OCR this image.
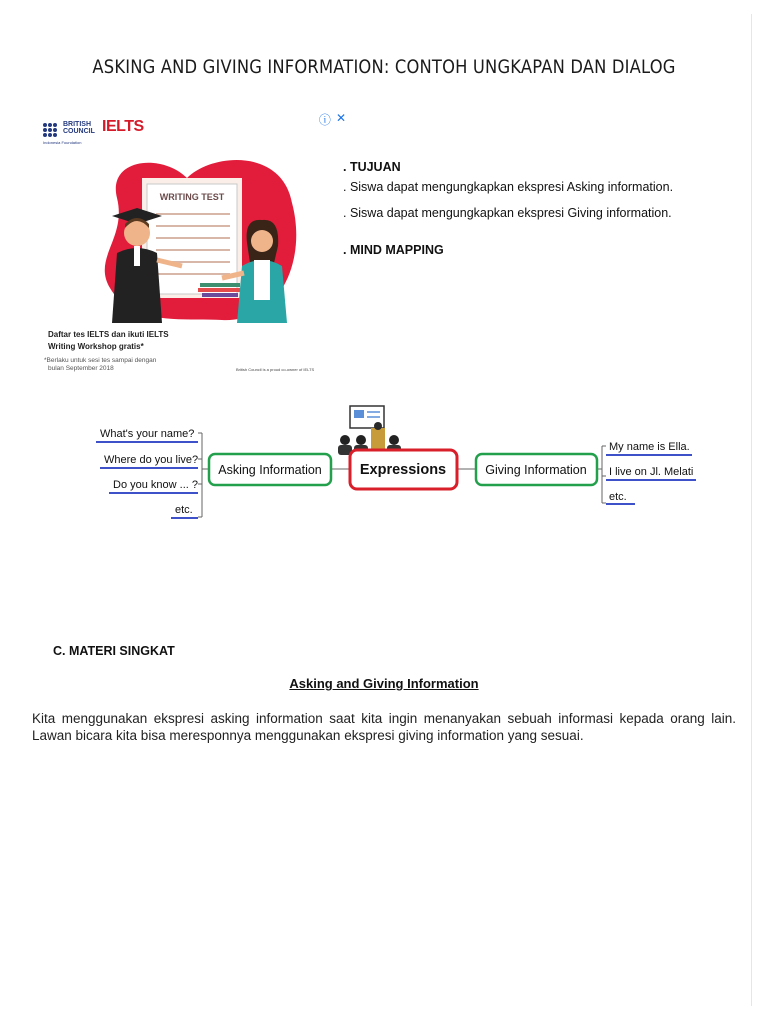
ASKING AND GIVING INFORMATION: CONTOH UNGKAPAN DAN DIALOG
ⓘ ✕
BRITISH COUNCIL
Indonesia Foundation
IELTS
WRITING TEST
Daftar tes IELTS dan ikuti IELTS
Writing Workshop gratis*
*Berlaku untuk sesi tes sampai dengan
bulan September 2018	British Council is a proud co-owner of IELTS
. TUJUAN
. Siswa dapat mengungkapkan ekspresi Asking information.
. Siswa dapat mengungkapkan ekspresi Giving information.
. MIND MAPPING
Asking Information	Expressions	Giving Information
What's your name?
Where do you live?
Do you know ... ?
etc.
My name is Ella.
I live on Jl. Melati
etc.
C. MATERI SINGKAT
Asking and Giving Information
Kita menggunakan ekspresi asking information saat kita ingin menanyakan sebuah informasi kepada orang lain. Lawan bicara kita bisa meresponnya menggunakan ekspresi giving information yang sesuai.
